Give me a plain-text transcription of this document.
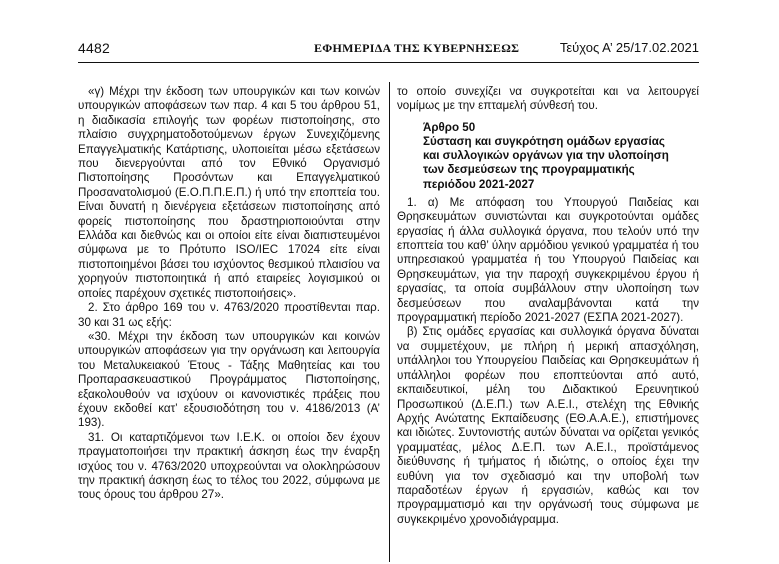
4482	ΕΦΗΜΕΡΙΔΑ ΤΗΣ ΚΥΒΕΡΝΗΣΕΩΣ	Τεύχος Α’ 25/17.02.2021

«γ) Μέχρι την έκδοση των υπουργικών και των κοινών υπουργικών αποφάσεων των παρ. 4 και 5 του άρθρου 51, η διαδικασία επιλογής των φορέων πιστοποίησης, στο πλαίσιο συγχρηματοδοτούμενων έργων Συνεχιζόμενης Επαγγελματικής Κατάρτισης, υλοποιείται μέσω εξετάσεων που διενεργούνται από τον Εθνικό Οργανισμό Πιστοποίησης Προσόντων και Επαγγελματικού Προσανατολισμού (Ε.Ο.Π.Π.Ε.Π.) ή υπό την εποπτεία του. Είναι δυνατή η διενέργεια εξετάσεων πιστοποίησης από φορείς πιστοποίησης που δραστηριοποιούνται στην Ελλάδα και διεθνώς και οι οποίοι είτε είναι διαπιστευμένοι σύμφωνα με το Πρότυπο ISO/IEC 17024 είτε είναι πιστοποιημένοι βάσει του ισχύοντος θεσμικού πλαισίου να χορηγούν πιστοποιητικά ή από εταιρείες λογισμικού οι οποίες παρέχουν σχετικές πιστοποιήσεις».

2. Στο άρθρο 169 του ν. 4763/2020 προστίθενται παρ. 30 και 31 ως εξής:

«30. Μέχρι την έκδοση των υπουργικών και κοινών υπουργικών αποφάσεων για την οργάνωση και λειτουργία του Μεταλυκειακού Έτους - Τάξης Μαθητείας και του Προπαρασκευαστικού Προγράμματος Πιστοποίησης, εξακολουθούν να ισχύουν οι κανονιστικές πράξεις που έχουν εκδοθεί κατ’ εξουσιοδότηση του ν. 4186/2013 (Α’ 193).

31. Οι καταρτιζόμενοι των Ι.Ε.Κ. οι οποίοι δεν έχουν πραγματοποιήσει την πρακτική άσκηση έως την έναρξη ισχύος του ν. 4763/2020 υποχρεούνται να ολοκληρώσουν την πρακτική άσκηση έως το τέλος του 2022, σύμφωνα με τους όρους του άρθρου 27».

το οποίο συνεχίζει να συγκροτείται και να λειτουργεί νομίμως με την επταμελή σύνθεσή του.

Άρθρο 50
Σύσταση και συγκρότηση ομάδων εργασίας και συλλογικών οργάνων για την υλοποίηση των δεσμεύσεων της προγραμματικής περιόδου 2021-2027

1. α) Με απόφαση του Υπουργού Παιδείας και Θρησκευμάτων συνιστώνται και συγκροτούνται ομάδες εργασίας ή άλλα συλλογικά όργανα, που τελούν υπό την εποπτεία του καθ’ ύλην αρμόδιου γενικού γραμματέα ή του υπηρεσιακού γραμματέα ή του Υπουργού Παιδείας και Θρησκευμάτων, για την παροχή συγκεκριμένου έργου ή εργασίας, τα οποία συμβάλλουν στην υλοποίηση των δεσμεύσεων που αναλαμβάνονται κατά την προγραμματική περίοδο 2021-2027 (ΕΣΠΑ 2021-2027).

β) Στις ομάδες εργασίας και συλλογικά όργανα δύναται να συμμετέχουν, με πλήρη ή μερική απασχόληση, υπάλληλοι του Υπουργείου Παιδείας και Θρησκευμάτων ή υπάλληλοι φορέων που εποπτεύονται από αυτό, εκπαιδευτικοί, μέλη του Διδακτικού Ερευνητικού Προσωπικού (Δ.Ε.Π.) των Α.Ε.Ι., στελέχη της Εθνικής Αρχής Ανώτατης Εκπαίδευσης (ΕΘ.Α.Α.Ε.), επιστήμονες και ιδιώτες. Συντονιστής αυτών δύναται να ορίζεται γενικός γραμματέας, μέλος Δ.Ε.Π. των Α.Ε.Ι., προϊστάμενος διεύθυνσης ή τμήματος ή ιδιώτης, ο οποίος έχει την ευθύνη για τον σχεδιασμό και την υποβολή των παραδοτέων έργων ή εργασιών, καθώς και τον προγραμματισμό και την οργάνωσή τους σύμφωνα με συγκεκριμένο χρονοδιάγραμμα.
